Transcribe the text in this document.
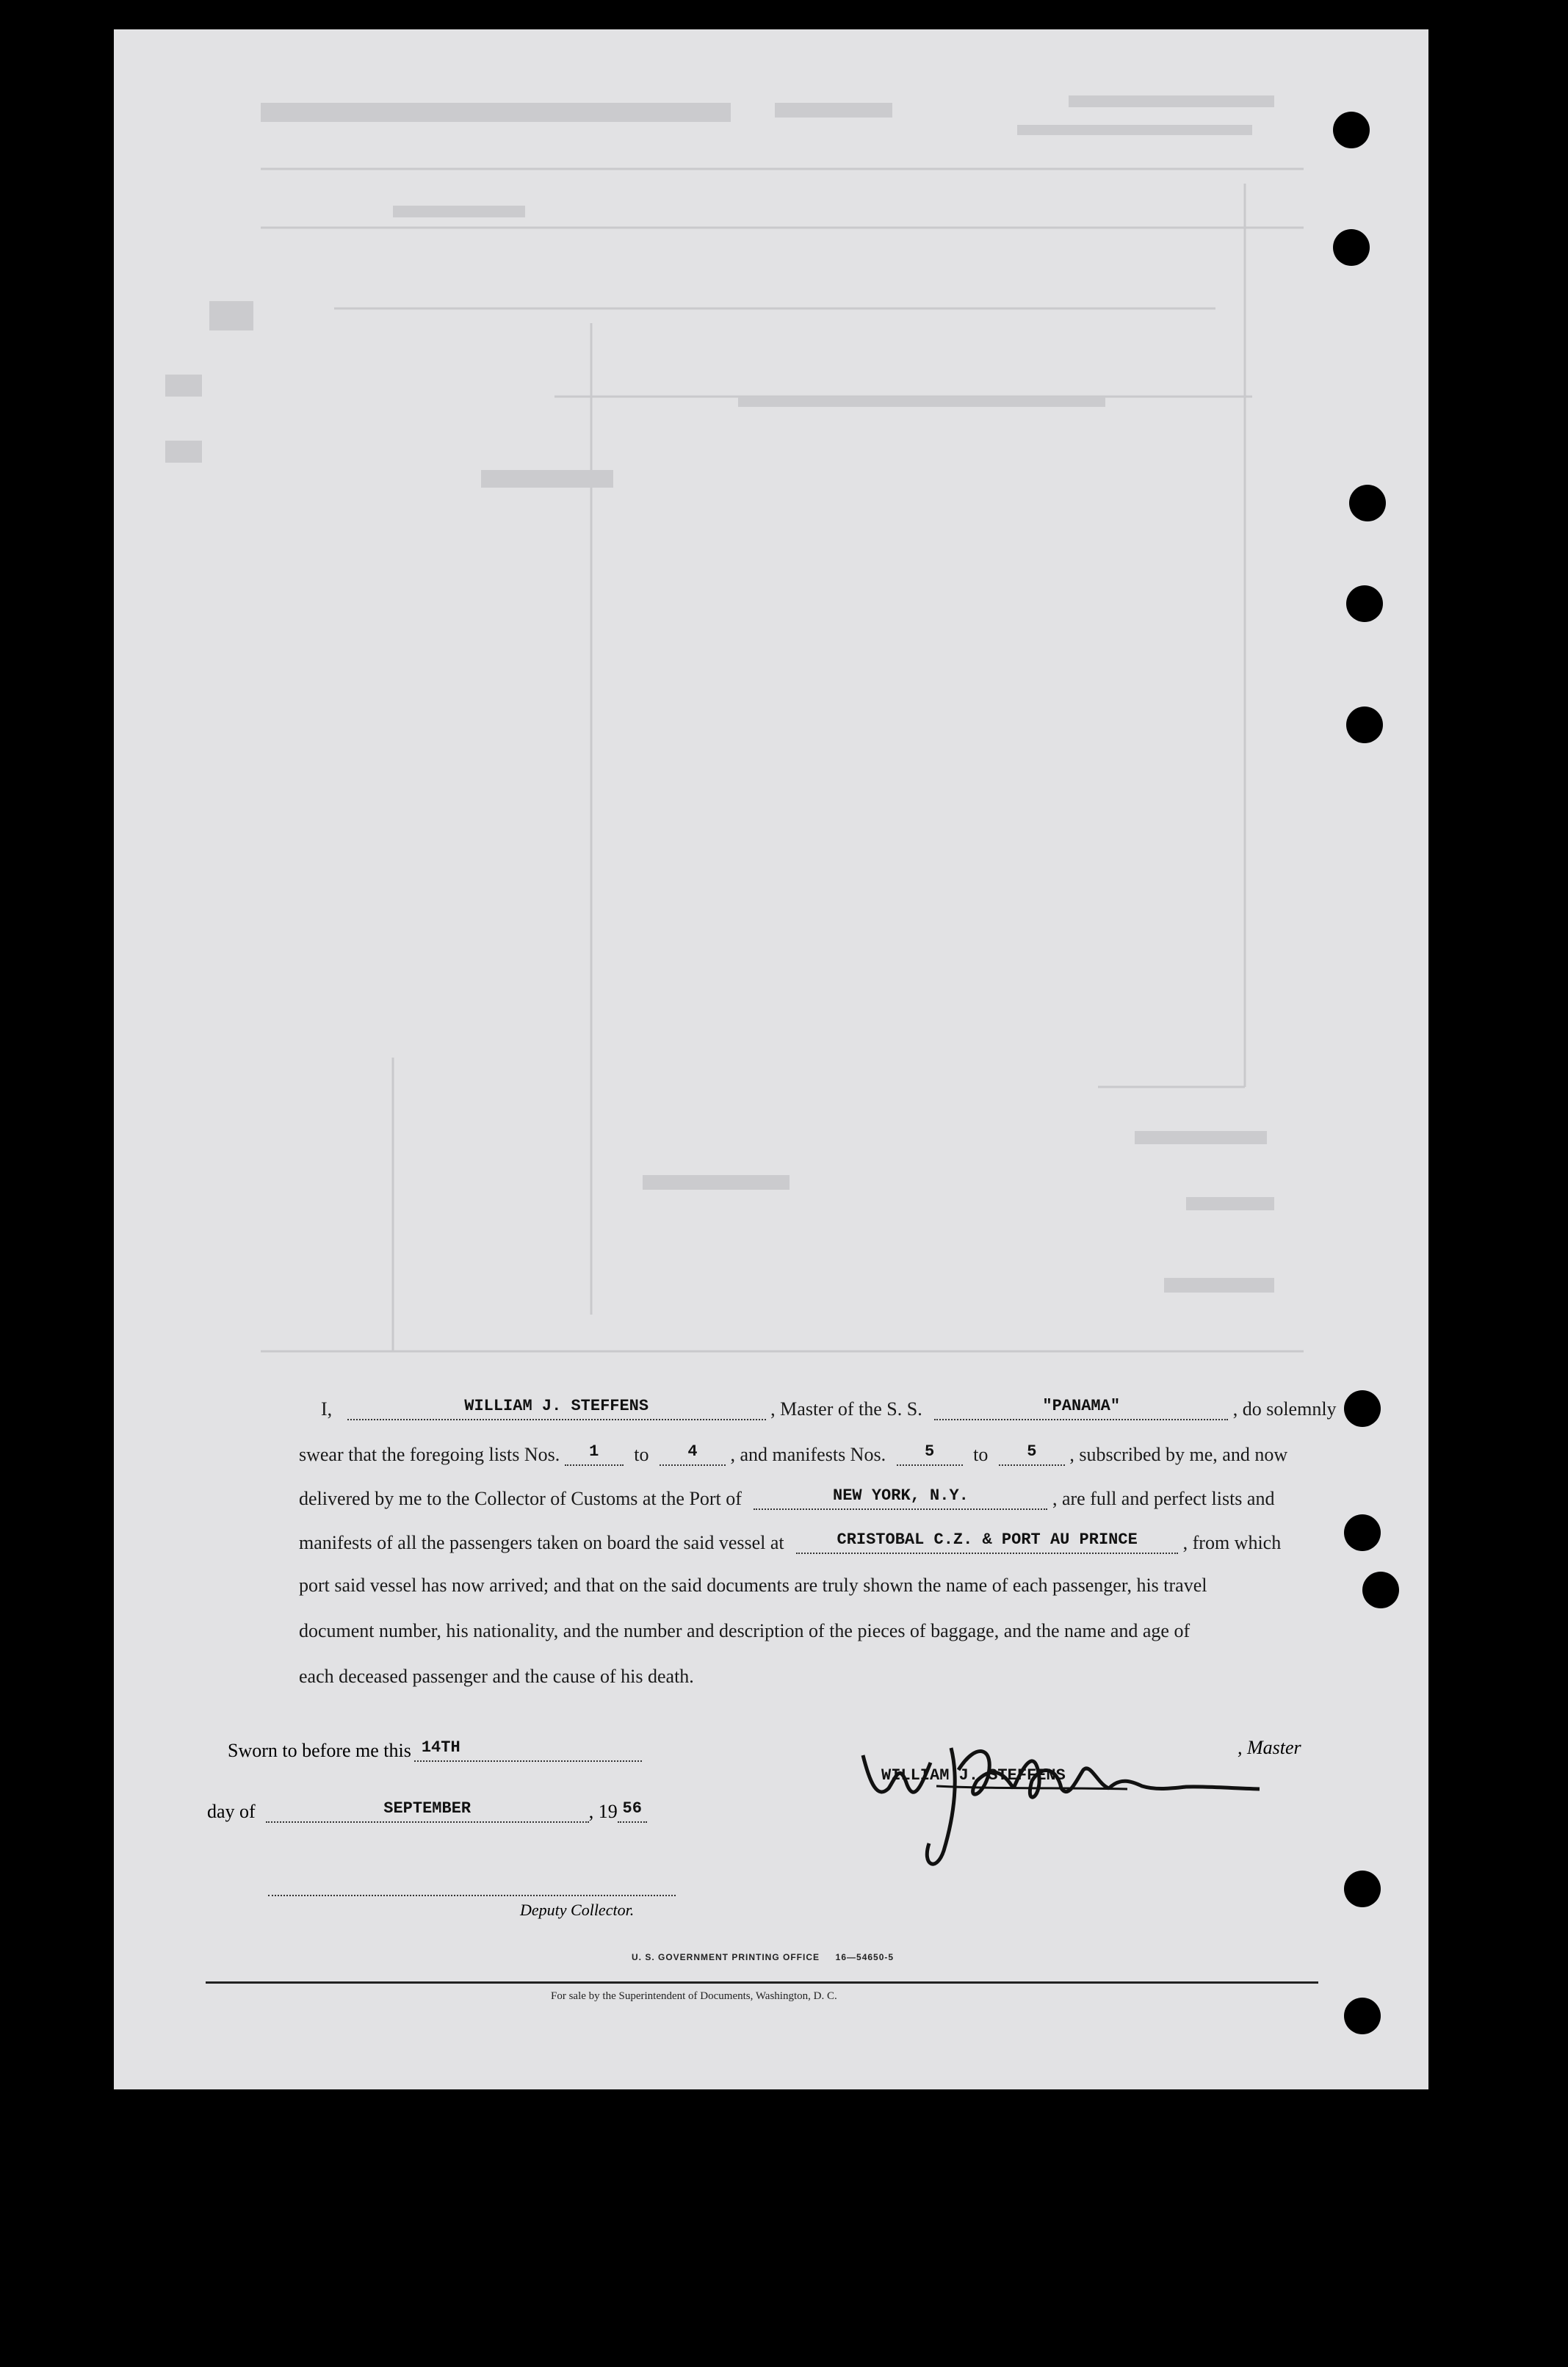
I,	WILLIAM J. STEFFENS	, Master of the S. S.	"PANAMA"	, do solemnly
swear that the foregoing lists Nos. 1 to 4 , and manifests Nos. 5 to 5 , subscribed by me, and now
delivered by me to the Collector of Customs at the Port of	NEW YORK, N.Y.	, are full and perfect lists and
manifests of all the passengers taken on board the said vessel at	CRISTOBAL C.Z. & PORT AU PRINCE , from which
port said vessel has now arrived; and that on the said documents are truly shown the name of each passenger, his travel
document number, his nationality, and the number and description of the pieces of baggage, and the name and age of
each deceased passenger and the cause of his death.
Sworn to before me this 14TH
day of	SEPTEMBER	, 19 56
, Master
WILLIAM J. STEFFENS
Deputy Collector.
U. S. GOVERNMENT PRINTING OFFICE     16—54650-5
For sale by the Superintendent of Documents, Washington, D. C.
